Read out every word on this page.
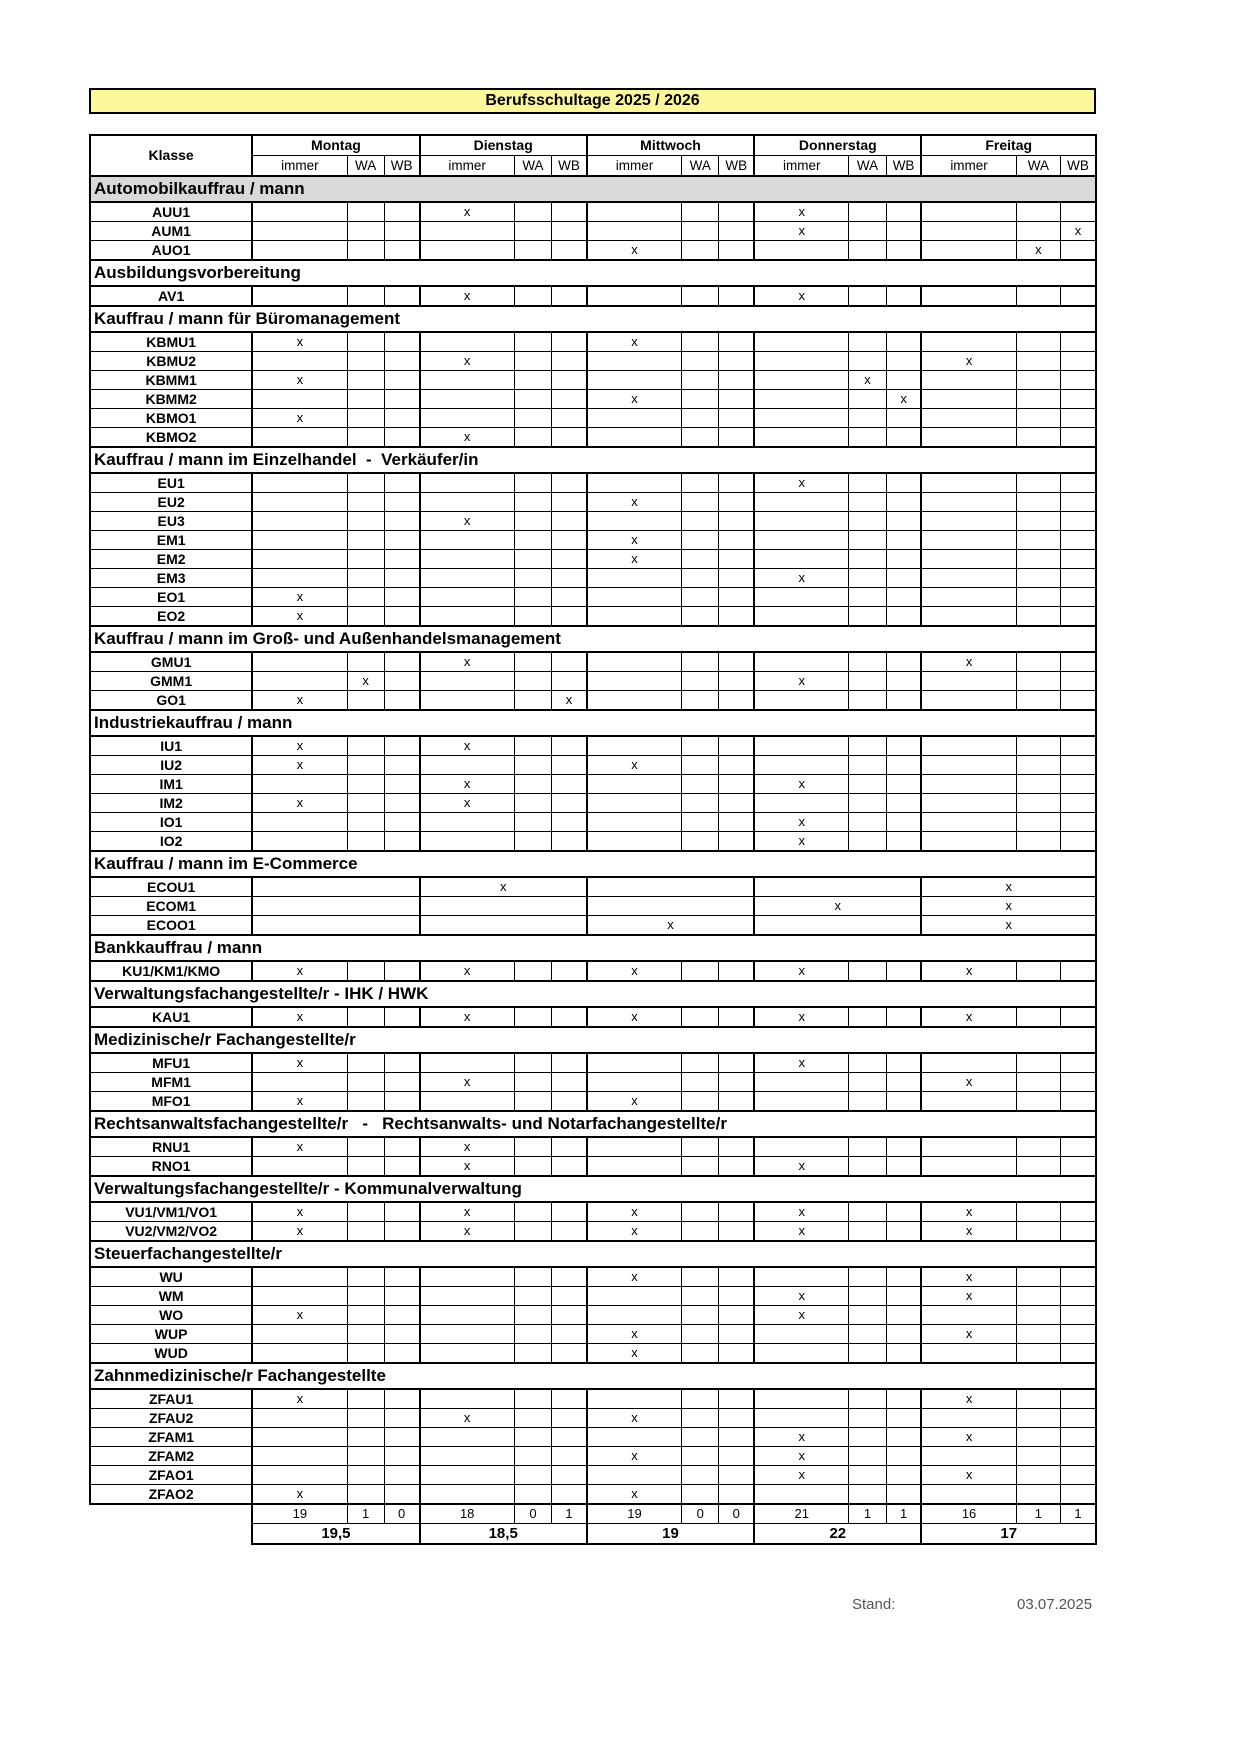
Berufsschultage 2025 / 2026
Klasse	Montag			Dienstag			Mittwoch			Donnerstag			Freitag		
	immer	WA	WB	immer	WA	WB	immer	WA	WB	immer	WA	WB	immer	WA	WB
Automobilkauffrau / mann															
AUU1				x						x					
AUM1										x					x
AUO1							x							x	
Ausbildungsvorbereitung															
AV1				x						x					
Kauffrau / mann für Büromanagement															
KBMU1	x						x								
KBMU2				x									x		
KBMM1	x										x				
KBMM2							x					x			
KBMO1	x														
KBMO2				x											
Kauffrau / mann im Einzelhandel  -  Verkäufer/in															
EU1										x					
EU2							x								
EU3				x											
EM1							x								
EM2							x								
EM3										x					
EO1	x														
EO2	x														
Kauffrau / mann im Groß- und Außenhandelsmanagement															
GMU1				x									x		
GMM1		x								x					
GO1	x					x									
Industriekauffrau / mann															
IU1	x			x											
IU2	x						x								
IM1				x						x					
IM2	x			x											
IO1										x					
IO2										x					
Kauffrau / mann im E-Commerce															
ECOU1				x									x		
ECOM1										x			x		
ECOO1							x						x		
Bankkauffrau / mann															
KU1/KM1/KMO	x			x			x			x			x		
Verwaltungsfachangestellte/r - IHK / HWK															
KAU1	x			x			x			x			x		
Medizinische/r Fachangestellte/r															
MFU1	x									x					
MFM1				x									x		
MFO1	x						x								
Rechtsanwaltsfachangestellte/r   -   Rechtsanwalts- und Notarfachangestellte/r															
RNU1	x			x											
RNO1				x						x					
Verwaltungsfachangestellte/r - Kommunalverwaltung															
VU1/VM1/VO1	x			x			x			x			x		
VU2/VM2/VO2	x			x			x			x			x		
Steuerfachangestellte/r															
WU							x						x		
WM										x			x		
WO	x									x					
WUP							x						x		
WUD							x								
Zahnmedizinische/r Fachangestellte															
ZFAU1	x												x		
ZFAU2				x			x								
ZFAM1										x			x		
ZFAM2							x			x					
ZFAO1										x			x		
ZFAO2	x						x								
	19	1	0	18	0	1	19	0	0	21	1	1	16	1	1
	19,5			18,5			19			22			17		
Stand:	03.07.2025
